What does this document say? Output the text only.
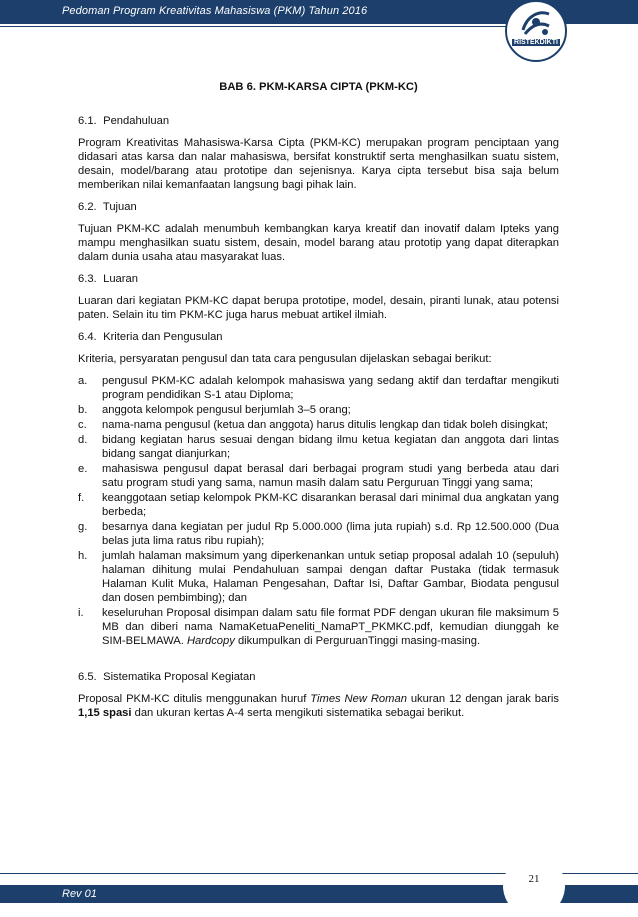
Pedoman Program Kreativitas Mahasiswa (PKM) Tahun 2016
RISTEKDIKTI
BAB 6. PKM-KARSA CIPTA (PKM-KC)
6.1. Pendahuluan
Program Kreativitas Mahasiswa-Karsa Cipta (PKM-KC) merupakan program penciptaan yang didasari atas karsa dan nalar mahasiswa, bersifat konstruktif serta menghasilkan suatu sistem, desain, model/barang atau prototipe dan sejenisnya. Karya cipta tersebut bisa saja belum memberikan nilai kemanfaatan langsung bagi pihak lain.
6.2. Tujuan
Tujuan PKM-KC adalah menumbuh kembangkan karya kreatif dan inovatif dalam Ipteks yang mampu menghasilkan suatu sistem, desain, model barang atau prototip yang dapat diterapkan dalam dunia usaha atau masyarakat luas.
6.3. Luaran
Luaran dari kegiatan PKM-KC dapat berupa prototipe, model, desain, piranti lunak, atau potensi paten. Selain itu tim PKM-KC juga harus mebuat artikel ilmiah.
6.4. Kriteria dan Pengusulan
Kriteria, persyaratan pengusul dan tata cara pengusulan dijelaskan sebagai berikut:
a. pengusul PKM-KC adalah kelompok mahasiswa yang sedang aktif dan terdaftar mengikuti program pendidikan S-1 atau Diploma;
b. anggota kelompok pengusul berjumlah 3–5 orang;
c. nama-nama pengusul (ketua dan anggota) harus ditulis lengkap dan tidak boleh disingkat;
d. bidang kegiatan harus sesuai dengan bidang ilmu ketua kegiatan dan anggota dari lintas bidang sangat dianjurkan;
e. mahasiswa pengusul dapat berasal dari berbagai program studi yang berbeda atau dari satu program studi yang sama, namun masih dalam satu Perguruan Tinggi yang sama;
f. keanggotaan setiap kelompok PKM-KC disarankan berasal dari minimal dua angkatan yang berbeda;
g. besarnya dana kegiatan per judul Rp 5.000.000 (lima juta rupiah) s.d. Rp 12.500.000 (Dua belas juta lima ratus ribu rupiah);
h. jumlah halaman maksimum yang diperkenankan untuk setiap proposal adalah 10 (sepuluh) halaman dihitung mulai Pendahuluan sampai dengan daftar Pustaka (tidak termasuk Halaman Kulit Muka, Halaman Pengesahan, Daftar Isi, Daftar Gambar, Biodata pengusul dan dosen pembimbing); dan
i. keseluruhan Proposal disimpan dalam satu file format PDF dengan ukuran file maksimum 5 MB dan diberi nama NamaKetuaPeneliti_NamaPT_PKMKC.pdf, kemudian diunggah ke SIM-BELMAWA. Hardcopy dikumpulkan di PerguruanTinggi masing-masing.
6.5. Sistematika Proposal Kegiatan
Proposal PKM-KC ditulis menggunakan huruf Times New Roman ukuran 12 dengan jarak baris 1,15 spasi dan ukuran kertas A-4 serta mengikuti sistematika sebagai berikut.
Rev 01
21
